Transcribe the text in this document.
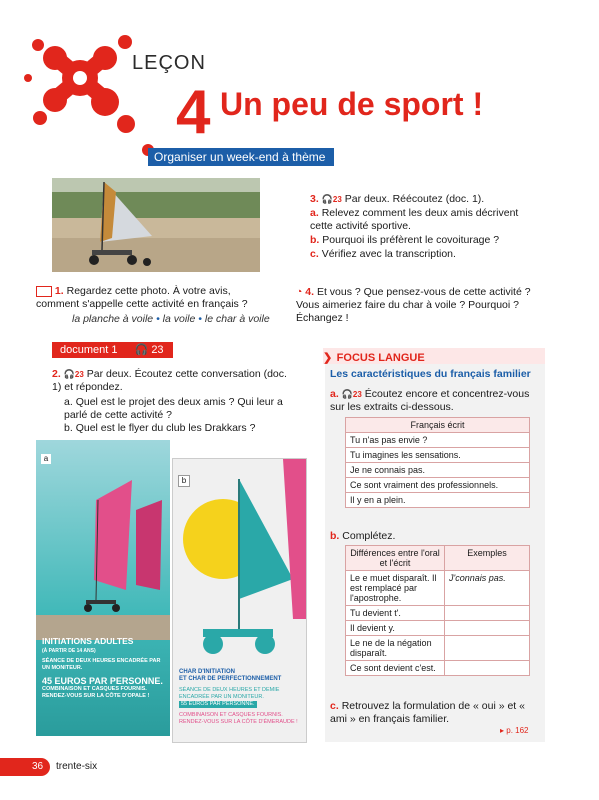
LEÇON
4 Un peu de sport !
Organiser un week-end à thème
1. Regardez cette photo. À votre avis, comment s'appelle cette activité en français ?
la planche à voile • la voile • le char à voile
3. 🎧23 Par deux. Réécoutez (doc. 1).
a. Relevez comment les deux amis décrivent cette activité sportive.
b. Pourquoi ils préfèrent le covoiturage ?
c. Vérifiez avec la transcription.
◔ 4. Et vous ? Que pensez-vous de cette activité ? Vous aimeriez faire du char à voile ? Pourquoi ? Échangez !
document 1 🎧 23
2. 🎧23 Par deux. Écoutez cette conversation (doc. 1) et répondez.
a. Quel est le projet des deux amis ? Qui leur a parlé de cette activité ?
b. Quel est le flyer du club les Drakkars ?
a
INITIATIONS ADULTES
(À PARTIR DE 14 ANS)
SÉANCE DE DEUX HEURES ENCADRÉE PAR UN MONITEUR.
45 EUROS PAR PERSONNE.
COMBINAISON ET CASQUES FOURNIS.
RENDEZ-VOUS SUR LA CÔTE D'OPALE !
b
CHAR D'INITIATION
ET CHAR DE PERFECTIONNEMENT
SÉANCE DE DEUX HEURES ET DEMIE ENCADRÉE PAR UN MONITEUR.
55 EUROS PAR PERSONNE.
COMBINAISON ET CASQUES FOURNIS.
RENDEZ-VOUS SUR LA CÔTE D'ÉMERAUDE !
❯ FOCUS LANGUE
Les caractéristiques du français familier
a. 🎧23 Écoutez encore et concentrez-vous sur les extraits ci-dessous.
Français écrit
Tu n'as pas envie ?
Tu imagines les sensations.
Je ne connais pas.
Ce sont vraiment des professionnels.
Il y en a plein.
b. Complétez.
Différences entre l'oral et l'écrit	Exemples
Le e muet disparaît. Il est remplacé par l'apostrophe.	J'connais pas.
Tu devient t'.	
Il devient y.	
Le ne de la négation disparaît.	
Ce sont devient c'est.	
c. Retrouvez la formulation de « oui » et « ami » en français familier.
▸ p. 162
36 trente-six
